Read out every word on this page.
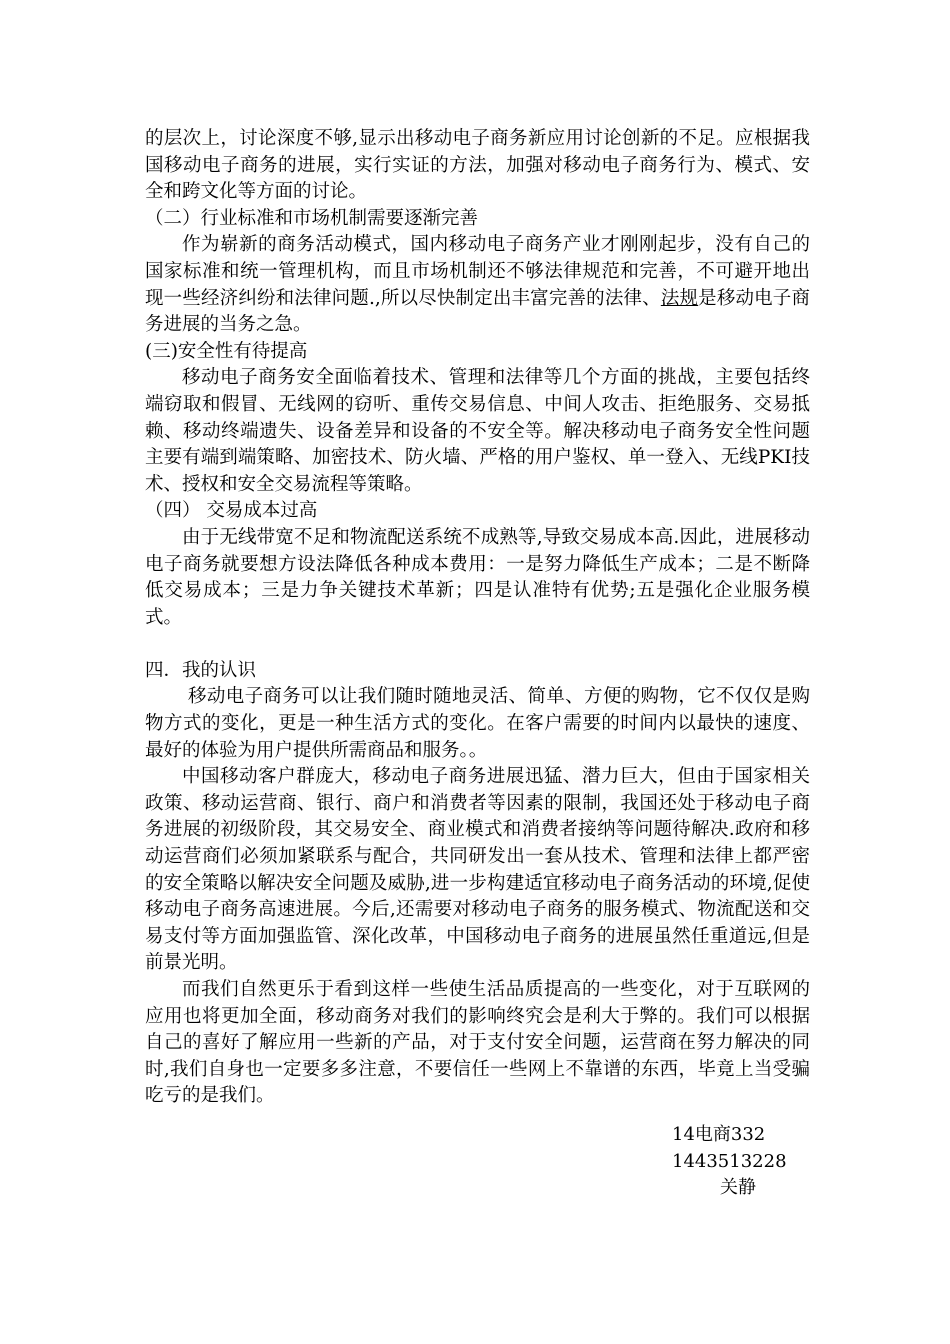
的层次上，讨论深度不够,显示出移动电子商务新应用讨论创新的不足。应根据我国移动电子商务的进展，实行实证的方法，加强对移动电子商务行为、模式、安全和跨文化等方面的讨论。

（二）行业标准和市场机制需要逐渐完善

作为崭新的商务活动模式，国内移动电子商务产业才刚刚起步，没有自己的国家标准和统一管理机构，而且市场机制还不够法律规范和完善，不可避开地出现一些经济纠纷和法律问题.,所以尽快制定出丰富完善的法律、法规是移动电子商务进展的当务之急。

(三)安全性有待提高

移动电子商务安全面临着技术、管理和法律等几个方面的挑战，主要包括终端窃取和假冒、无线网的窃听、重传交易信息、中间人攻击、拒绝服务、交易抵赖、移动终端遗失、设备差异和设备的不安全等。解决移动电子商务安全性问题主要有端到端策略、加密技术、防火墙、严格的用户鉴权、单一登入、无线PKI技术、授权和安全交易流程等策略。

（四） 交易成本过高

由于无线带宽不足和物流配送系统不成熟等,导致交易成本高.因此，进展移动电子商务就要想方设法降低各种成本费用：一是努力降低生产成本；二是不断降低交易成本；三是力争关键技术革新；四是认准特有优势;五是强化企业服务模式。

四．我的认识

移动电子商务可以让我们随时随地灵活、简单、方便的购物，它不仅仅是购物方式的变化，更是一种生活方式的变化。在客户需要的时间内以最快的速度、最好的体验为用户提供所需商品和服务。。

中国移动客户群庞大，移动电子商务进展迅猛、潜力巨大，但由于国家相关政策、移动运营商、银行、商户和消费者等因素的限制，我国还处于移动电子商务进展的初级阶段，其交易安全、商业模式和消费者接纳等问题待解决.政府和移动运营商们必须加紧联系与配合，共同研发出一套从技术、管理和法律上都严密的安全策略以解决安全问题及威胁,进一步构建适宜移动电子商务活动的环境,促使移动电子商务高速进展。今后,还需要对移动电子商务的服务模式、物流配送和交易支付等方面加强监管、深化改革，中国移动电子商务的进展虽然任重道远,但是前景光明。

而我们自然更乐于看到这样一些使生活品质提高的一些变化，对于互联网的应用也将更加全面，移动商务对我们的影响终究会是利大于弊的。我们可以根据自己的喜好了解应用一些新的产品，对于支付安全问题，运营商在努力解决的同时,我们自身也一定要多多注意，不要信任一些网上不靠谱的东西，毕竟上当受骗吃亏的是我们。

14电商332
1443513228
关静
